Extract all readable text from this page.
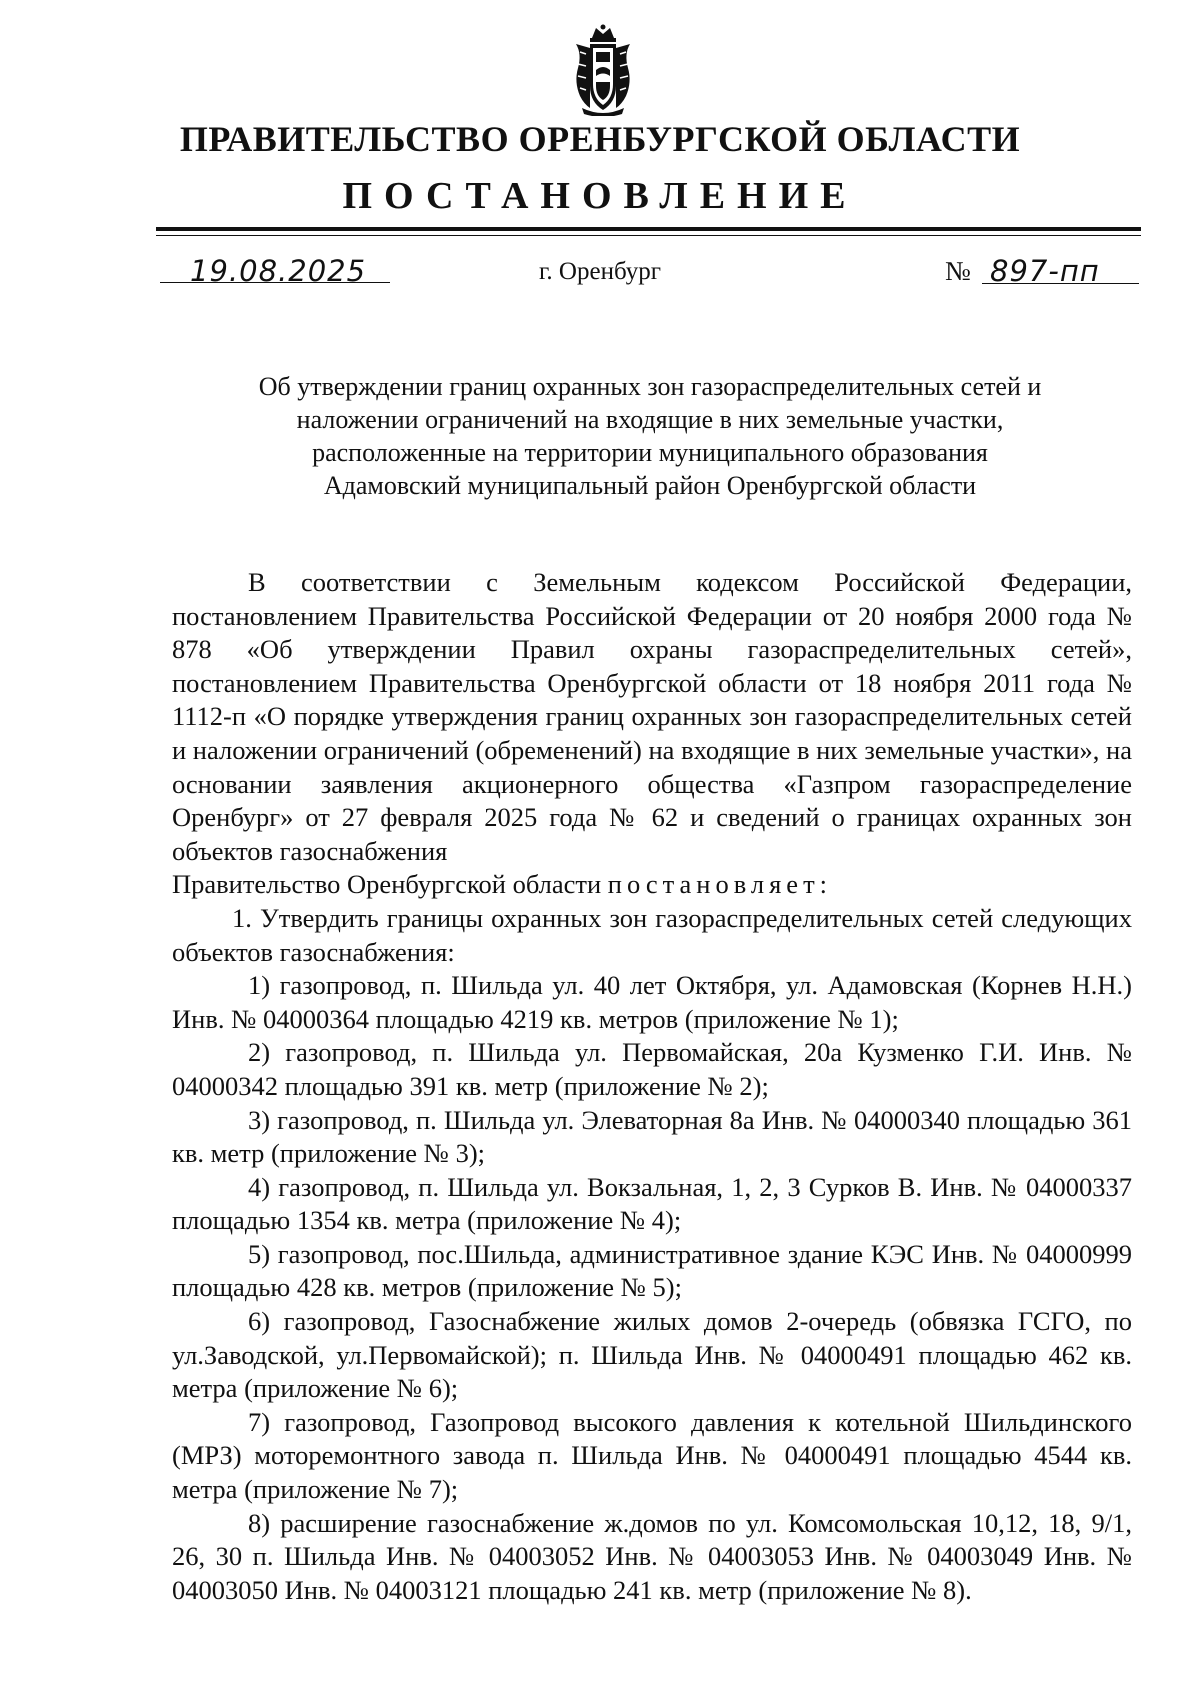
ПРАВИТЕЛЬСТВО ОРЕНБУРГСКОЙ ОБЛАСТИ
ПОСТАНОВЛЕНИЕ
19.08.2025	г. Оренбург	№ 897-пп
Об утверждении границ охранных зон газораспределительных сетей и
наложении ограничений на входящие в них земельные участки,
расположенные на территории муниципального образования
Адамовский муниципальный район Оренбургской области

В соответствии с Земельным кодексом Российской Федерации, постановлением Правительства Российской Федерации от 20 ноября 2000 года № 878 «Об утверждении Правил охраны газораспределительных сетей», постановлением Правительства Оренбургской области от 18 ноября 2011 года № 1112-п «О порядке утверждения границ охранных зон газораспределительных сетей и наложении ограничений (обременений) на входящие в них земельные участки», на основании заявления акционерного общества «Газпром газораспределение Оренбург» от 27 февраля 2025 года № 62 и сведений о границах охранных зон объектов газоснабжения

Правительство Оренбургской области постановляет:

1. Утвердить границы охранных зон газораспределительных сетей следующих объектов газоснабжения:

1) газопровод, п. Шильда ул. 40 лет Октября, ул. Адамовская (Корнев Н.Н.) Инв. № 04000364 площадью 4219 кв. метров (приложение № 1);

2) газопровод, п. Шильда ул. Первомайская, 20а Кузменко Г.И. Инв. № 04000342 площадью 391 кв. метр (приложение № 2);

3) газопровод, п. Шильда ул. Элеваторная 8а Инв. № 04000340 площадью 361 кв. метр (приложение № 3);

4) газопровод, п. Шильда ул. Вокзальная, 1, 2, 3 Сурков В. Инв. № 04000337 площадью 1354 кв. метра (приложение № 4);

5) газопровод, пос.Шильда, административное здание КЭС Инв. № 04000999 площадью 428 кв. метров (приложение № 5);

6) газопровод, Газоснабжение жилых домов 2-очередь (обвязка ГСГО, по ул.Заводской, ул.Первомайской); п. Шильда Инв. № 04000491 площадью 462 кв. метра (приложение № 6);

7) газопровод, Газопровод высокого давления к котельной Шильдинского (МРЗ) моторемонтного завода п. Шильда Инв. № 04000491 площадью 4544 кв. метра (приложение № 7);

8) расширение газоснабжение ж.домов по ул. Комсомольская 10,12, 18, 9/1, 26, 30 п. Шильда Инв. № 04003052 Инв. № 04003053 Инв. № 04003049 Инв. № 04003050 Инв. № 04003121 площадью 241 кв. метр (приложение № 8).
